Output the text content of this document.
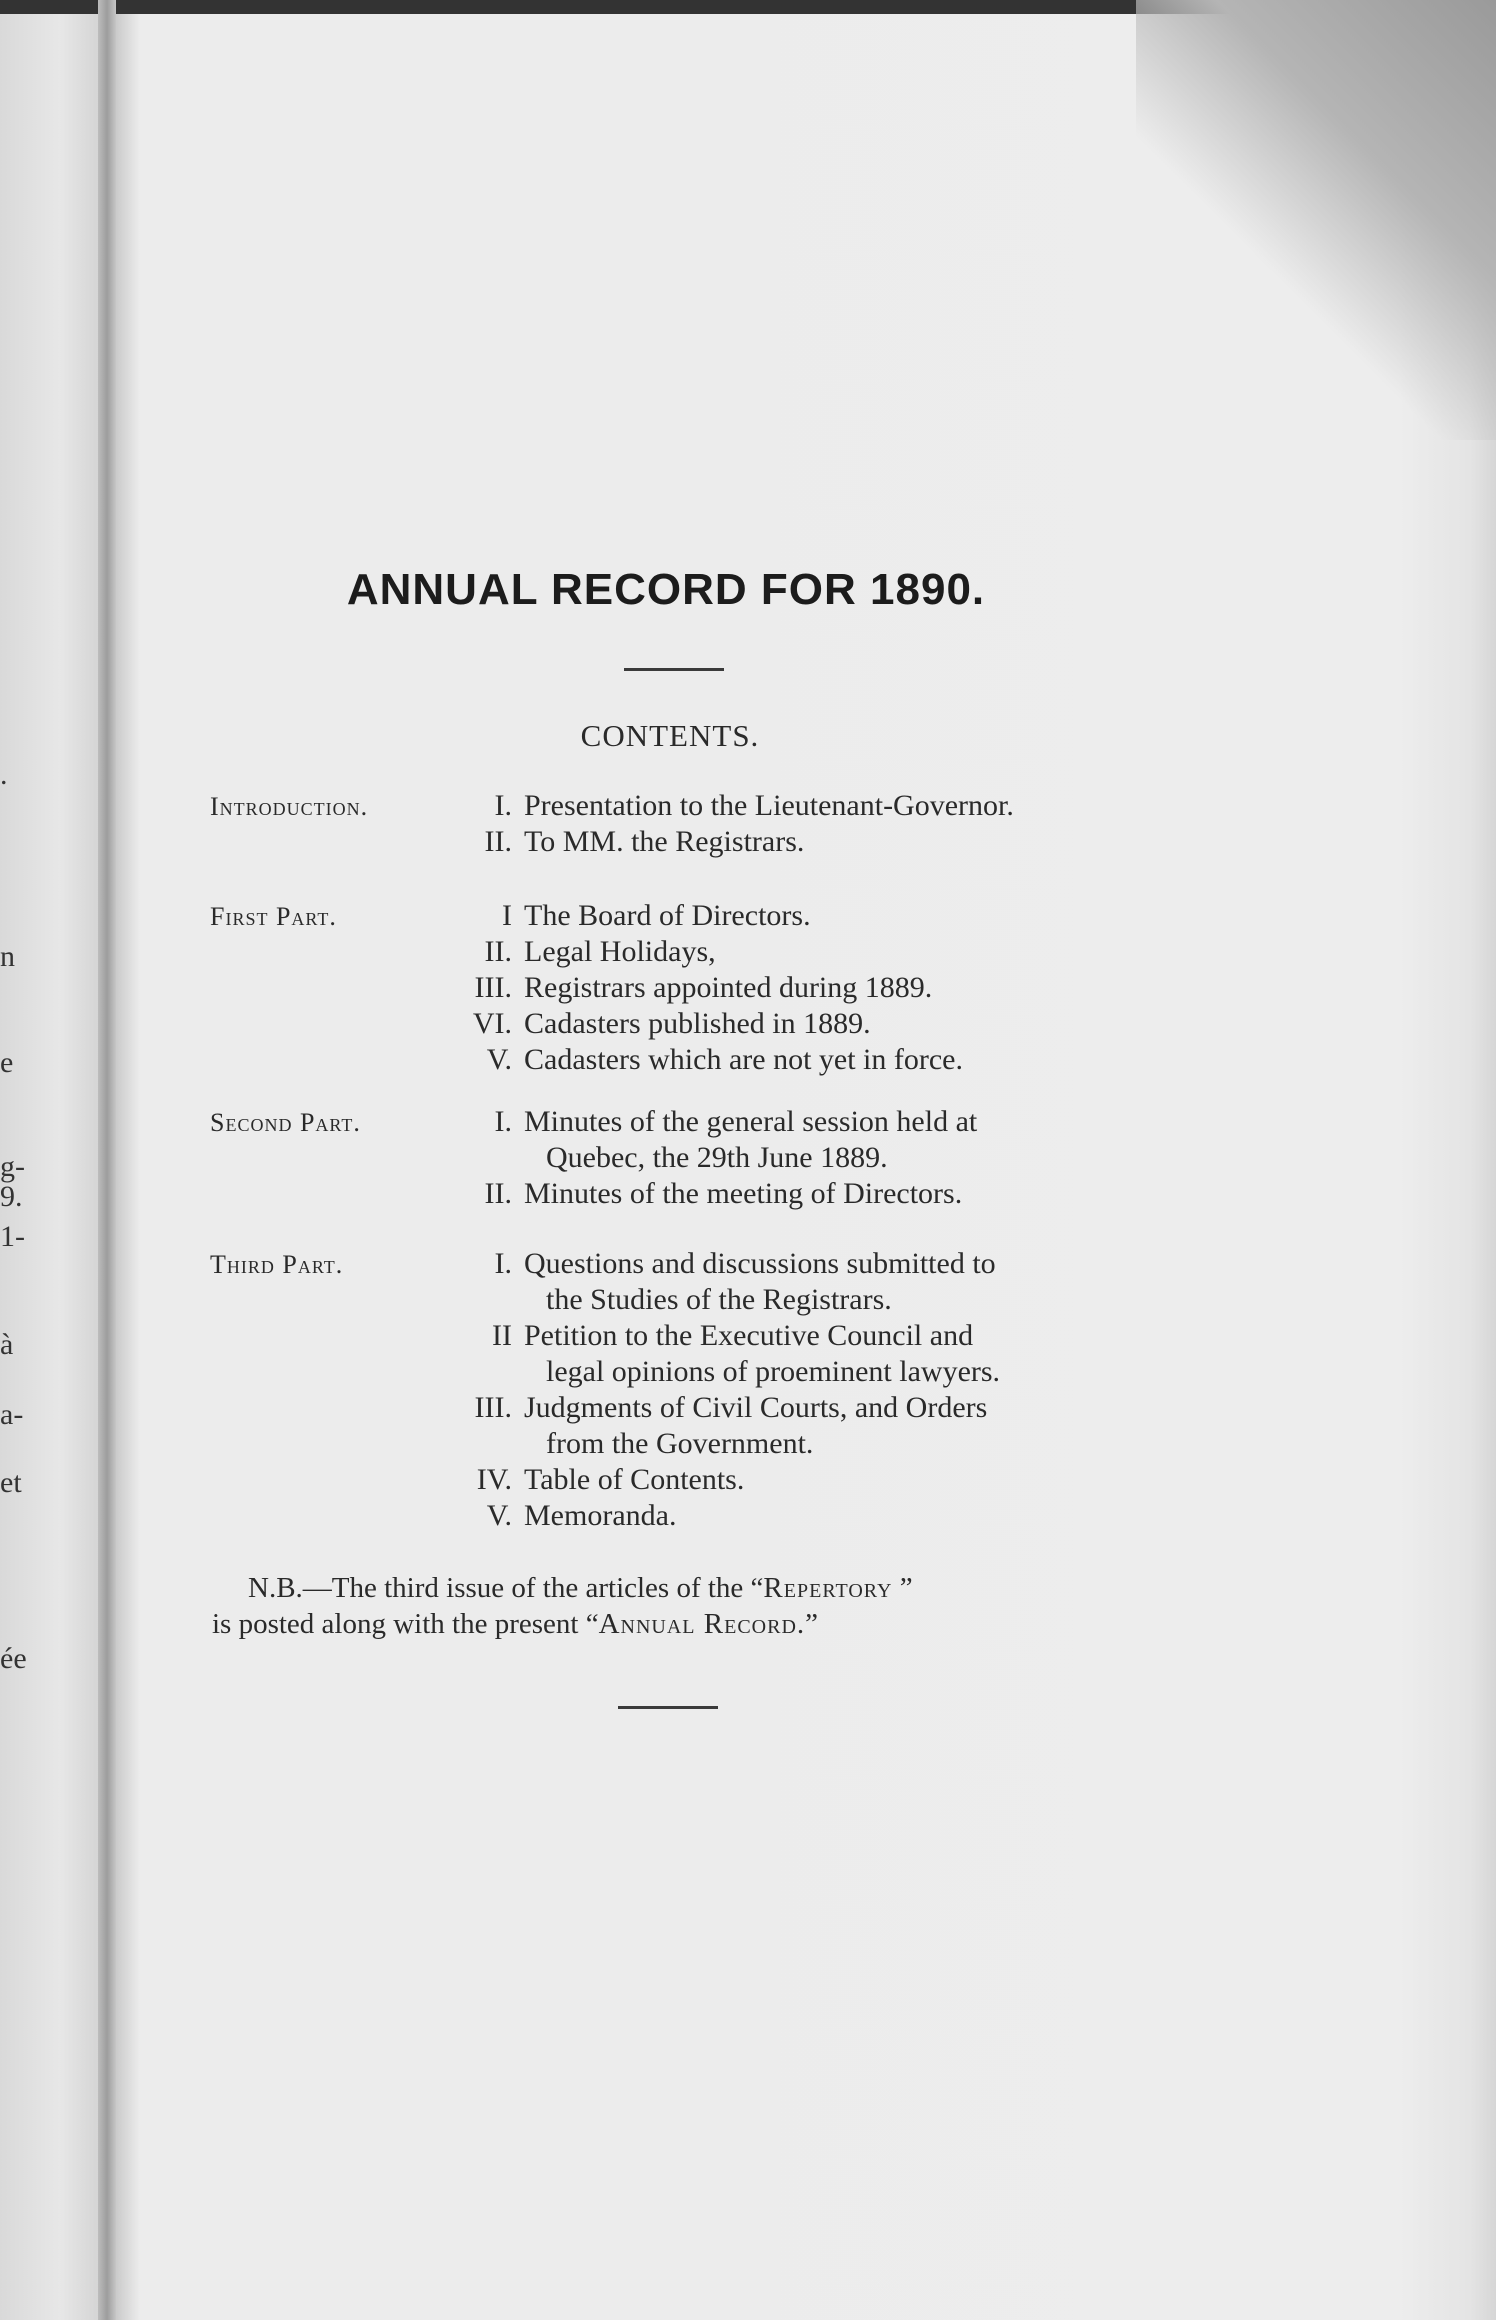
.
n
e
g-
9.
1-
à
a-
et
ée
ANNUAL RECORD FOR 1890.
CONTENTS.
Introduction.	I. Presentation to the Lieutenant-Governor.
II. To MM. the Registrars.
First Part.	I The Board of Directors.
II. Legal Holidays,
III. Registrars appointed during 1889.
VI. Cadasters published in 1889.
V. Cadasters which are not yet in force.
Second Part.	I. Minutes of the general session held at
Quebec, the 29th June 1889.
II. Minutes of the meeting of Directors.
Third Part.	I. Questions and discussions submitted to
the Studies of the Registrars.
II Petition to the Executive Council and
legal opinions of proeminent lawyers.
III. Judgments of Civil Courts, and Orders
from the Government.
IV. Table of Contents.
V. Memoranda.
N.B.—The third issue of the articles of the “Repertory ”
is posted along with the present “Annual Record.”
